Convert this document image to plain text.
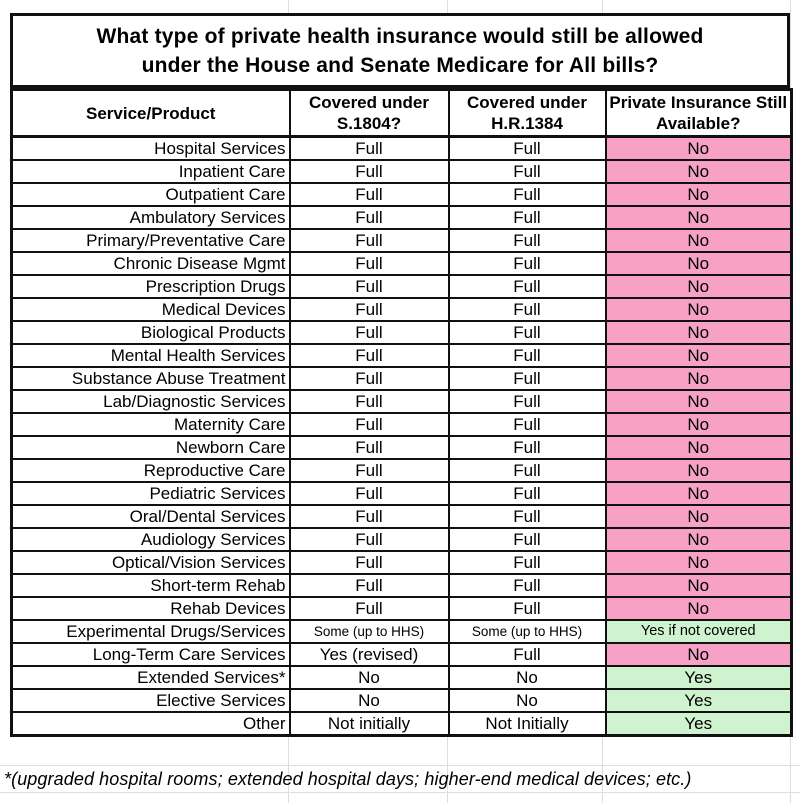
What type of private health insurance would still be allowed
under the House and Senate Medicare for All bills?
Service/Product	Covered under S.1804?	Covered under H.R.1384	Private Insurance Still Available?
Hospital Services	Full	Full	No
Inpatient Care	Full	Full	No
Outpatient Care	Full	Full	No
Ambulatory Services	Full	Full	No
Primary/Preventative Care	Full	Full	No
Chronic Disease Mgmt	Full	Full	No
Prescription Drugs	Full	Full	No
Medical Devices	Full	Full	No
Biological Products	Full	Full	No
Mental Health Services	Full	Full	No
Substance Abuse Treatment	Full	Full	No
Lab/Diagnostic Services	Full	Full	No
Maternity Care	Full	Full	No
Newborn Care	Full	Full	No
Reproductive Care	Full	Full	No
Pediatric Services	Full	Full	No
Oral/Dental Services	Full	Full	No
Audiology Services	Full	Full	No
Optical/Vision Services	Full	Full	No
Short-term Rehab	Full	Full	No
Rehab Devices	Full	Full	No
Experimental Drugs/Services	Some (up to HHS)	Some (up to HHS)	Yes if not covered
Long-Term Care Services	Yes (revised)	Full	No
Extended Services*	No	No	Yes
Elective Services	No	No	Yes
Other	Not initially	Not Initially	Yes
*(upgraded hospital rooms; extended hospital days; higher-end medical devices; etc.)
